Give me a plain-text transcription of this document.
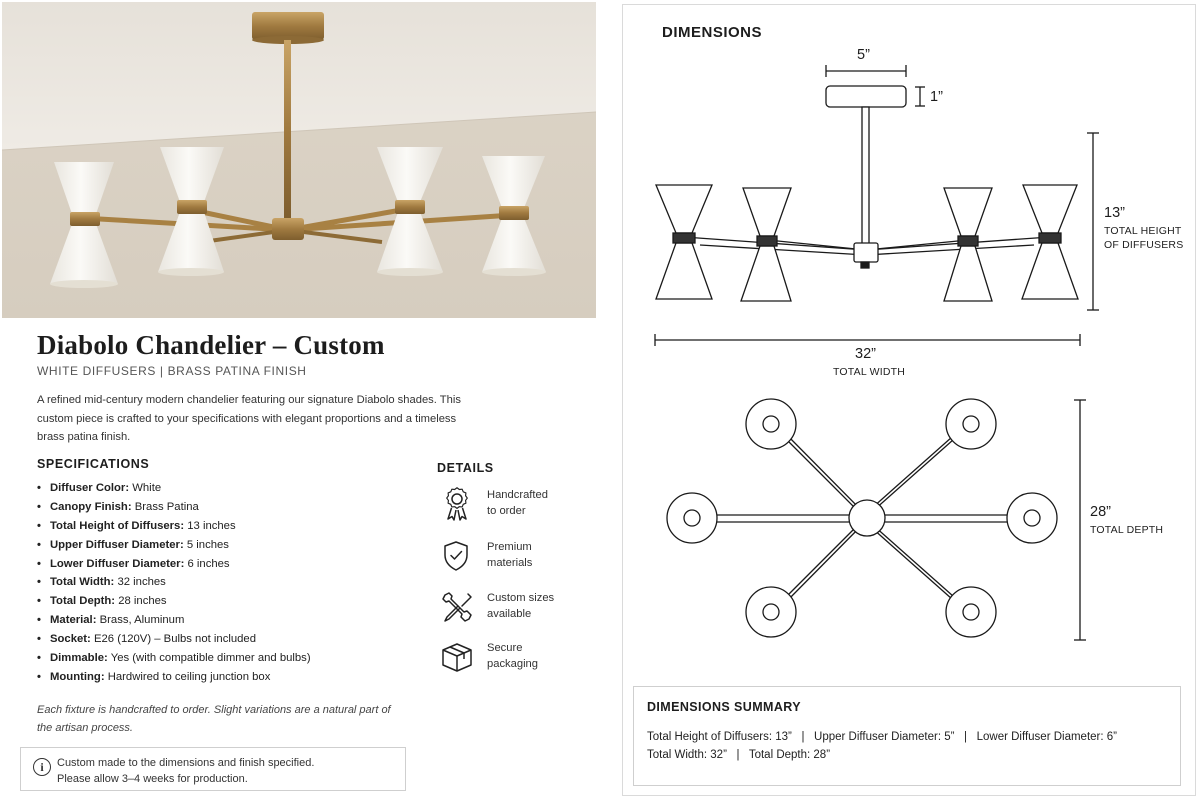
Diabolo Chandelier – Custom
WHITE DIFFUSERS | BRASS PATINA FINISH
A refined mid-century modern chandelier featuring our signature Diabolo shades. This custom piece is crafted to your specifications with elegant proportions and a timeless brass patina finish.
SPECIFICATIONS
• Diffuser Color: White
• Canopy Finish: Brass Patina
• Total Height of Diffusers: 13 inches
• Upper Diffuser Diameter: 5 inches
• Lower Diffuser Diameter: 6 inches
• Total Width: 32 inches
• Total Depth: 28 inches
• Material: Brass, Aluminum
• Socket: E26 (120V) – Bulbs not included
• Dimmable: Yes (with compatible dimmer and bulbs)
• Mounting: Hardwired to ceiling junction box
Each fixture is handcrafted to order. Slight variations are a natural part of the artisan process.
i	Custom made to the dimensions and finish specified.
Please allow 3–4 weeks for production.
DETAILS
Handcrafted
to order
Premium
materials
Custom sizes
available
Secure
packaging
DIMENSIONS
5”
1”
13”
TOTAL HEIGHT
OF DIFFUSERS
32”
TOTAL WIDTH
28”
TOTAL DEPTH
DIMENSIONS SUMMARY
Total Height of Diffusers: 13”   |   Upper Diffuser Diameter: 5”   |   Lower Diffuser Diameter: 6”
Total Width: 32”   |   Total Depth: 28”
